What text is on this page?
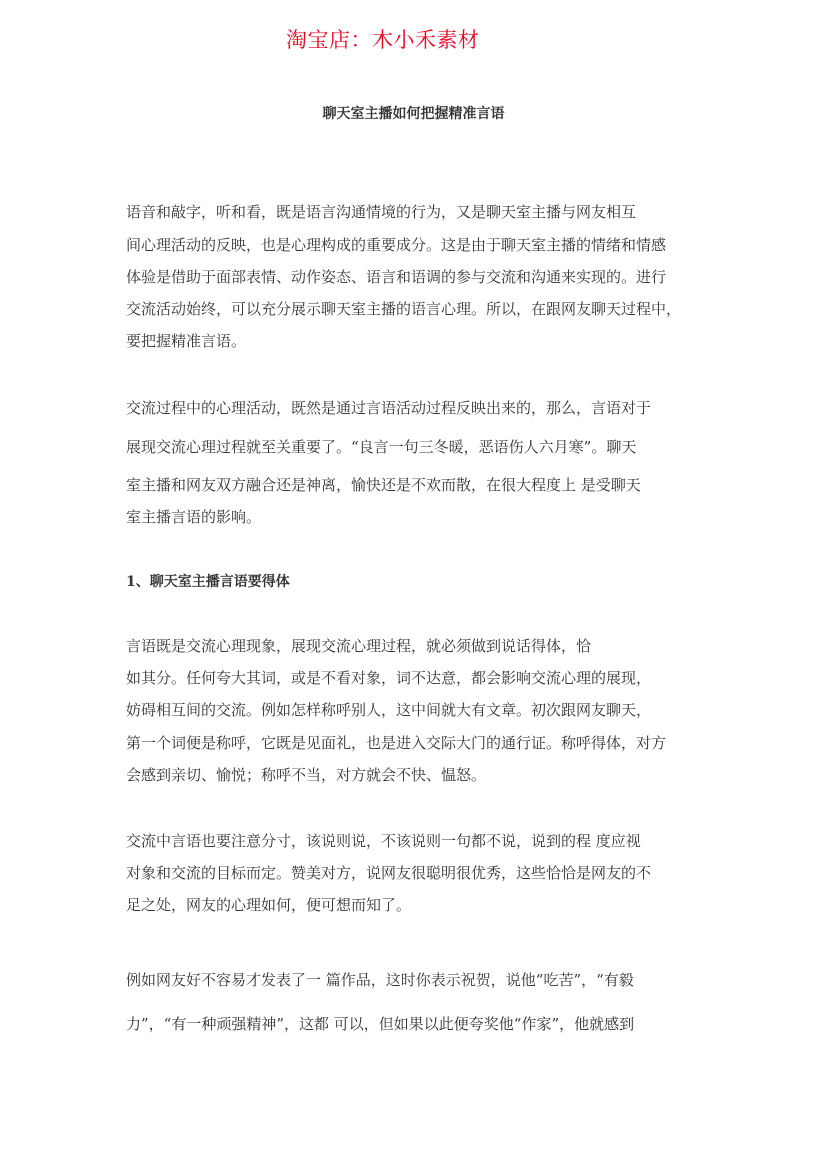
淘宝店：木小禾素材
聊天室主播如何把握精准言语
语音和敲字，听和看，既是语言沟通情境的行为，又是聊天室主播与网友相互
间心理活动的反映，也是心理构成的重要成分。这是由于聊天室主播的情绪和情感
体验是借助于面部表情、动作姿态、语言和语调的参与交流和沟通来实现的。进行
交流活动始终，可以充分展示聊天室主播的语言心理。所以，在跟网友聊天过程中，
要把握精准言语。
交流过程中的心理活动，既然是通过言语活动过程反映出来的，那么，言语对于
展现交流心理过程就至关重要了。“良言一句三冬暖，恶语伤人六月寒”。聊天
室主播和网友双方融合还是神离，愉快还是不欢而散，在很大程度上 是受聊天
室主播言语的影响。
1、聊天室主播言语要得体
言语既是交流心理现象，展现交流心理过程，就必须做到说话得体，恰
如其分。任何夸大其词，或是不看对象，词不达意，都会影响交流心理的展现，
妨碍相互间的交流。例如怎样称呼别人，这中间就大有文章。初次跟网友聊天，
第一个词便是称呼，它既是见面礼，也是进入交际大门的通行证。称呼得体，对方
会感到亲切、愉悦；称呼不当，对方就会不快、愠怒。
交流中言语也要注意分寸，该说则说，不该说则一句都不说，说到的程 度应视
对象和交流的目标而定。赞美对方，说网友很聪明很优秀，这些恰恰是网友的不
足之处，网友的心理如何，便可想而知了。
例如网友好不容易才发表了一 篇作品，这时你表示祝贺，说他“吃苦”，“有毅
力”，“有一种顽强精神”，这都 可以，但如果以此便夸奖他“作家”，他就感到
